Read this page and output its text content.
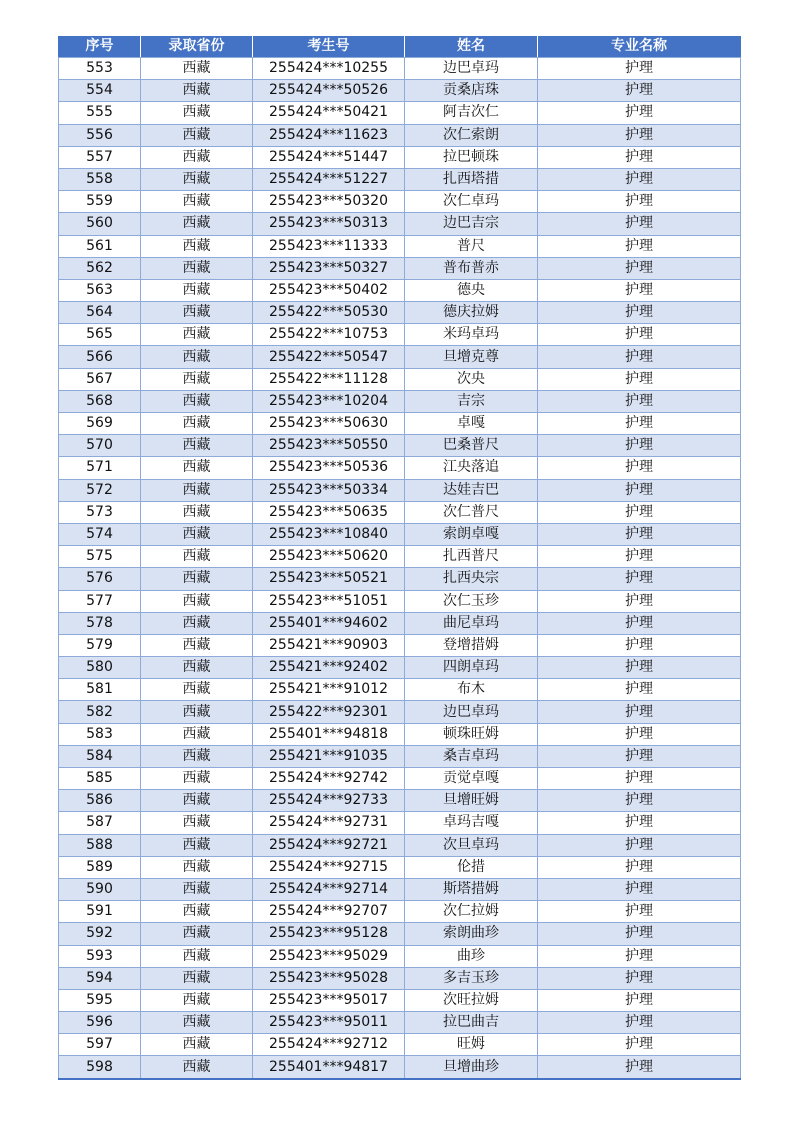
序号	录取省份	考生号	姓名	专业名称
553	西藏	255424***10255	边巴卓玛	护理
554	西藏	255424***50526	贡桑店珠	护理
555	西藏	255424***50421	阿吉次仁	护理
556	西藏	255424***11623	次仁索朗	护理
557	西藏	255424***51447	拉巴顿珠	护理
558	西藏	255424***51227	扎西塔措	护理
559	西藏	255423***50320	次仁卓玛	护理
560	西藏	255423***50313	边巴吉宗	护理
561	西藏	255423***11333	普尺	护理
562	西藏	255423***50327	普布普赤	护理
563	西藏	255423***50402	德央	护理
564	西藏	255422***50530	德庆拉姆	护理
565	西藏	255422***10753	米玛卓玛	护理
566	西藏	255422***50547	旦增克尊	护理
567	西藏	255422***11128	次央	护理
568	西藏	255423***10204	吉宗	护理
569	西藏	255423***50630	卓嘎	护理
570	西藏	255423***50550	巴桑普尺	护理
571	西藏	255423***50536	江央落追	护理
572	西藏	255423***50334	达娃吉巴	护理
573	西藏	255423***50635	次仁普尺	护理
574	西藏	255423***10840	索朗卓嘎	护理
575	西藏	255423***50620	扎西普尺	护理
576	西藏	255423***50521	扎西央宗	护理
577	西藏	255423***51051	次仁玉珍	护理
578	西藏	255401***94602	曲尼卓玛	护理
579	西藏	255421***90903	登增措姆	护理
580	西藏	255421***92402	四朗卓玛	护理
581	西藏	255421***91012	布木	护理
582	西藏	255422***92301	边巴卓玛	护理
583	西藏	255401***94818	顿珠旺姆	护理
584	西藏	255421***91035	桑吉卓玛	护理
585	西藏	255424***92742	贡觉卓嘎	护理
586	西藏	255424***92733	旦增旺姆	护理
587	西藏	255424***92731	卓玛吉嘎	护理
588	西藏	255424***92721	次旦卓玛	护理
589	西藏	255424***92715	伦措	护理
590	西藏	255424***92714	斯塔措姆	护理
591	西藏	255424***92707	次仁拉姆	护理
592	西藏	255423***95128	索朗曲珍	护理
593	西藏	255423***95029	曲珍	护理
594	西藏	255423***95028	多吉玉珍	护理
595	西藏	255423***95017	次旺拉姆	护理
596	西藏	255423***95011	拉巴曲吉	护理
597	西藏	255424***92712	旺姆	护理
598	西藏	255401***94817	旦增曲珍	护理
